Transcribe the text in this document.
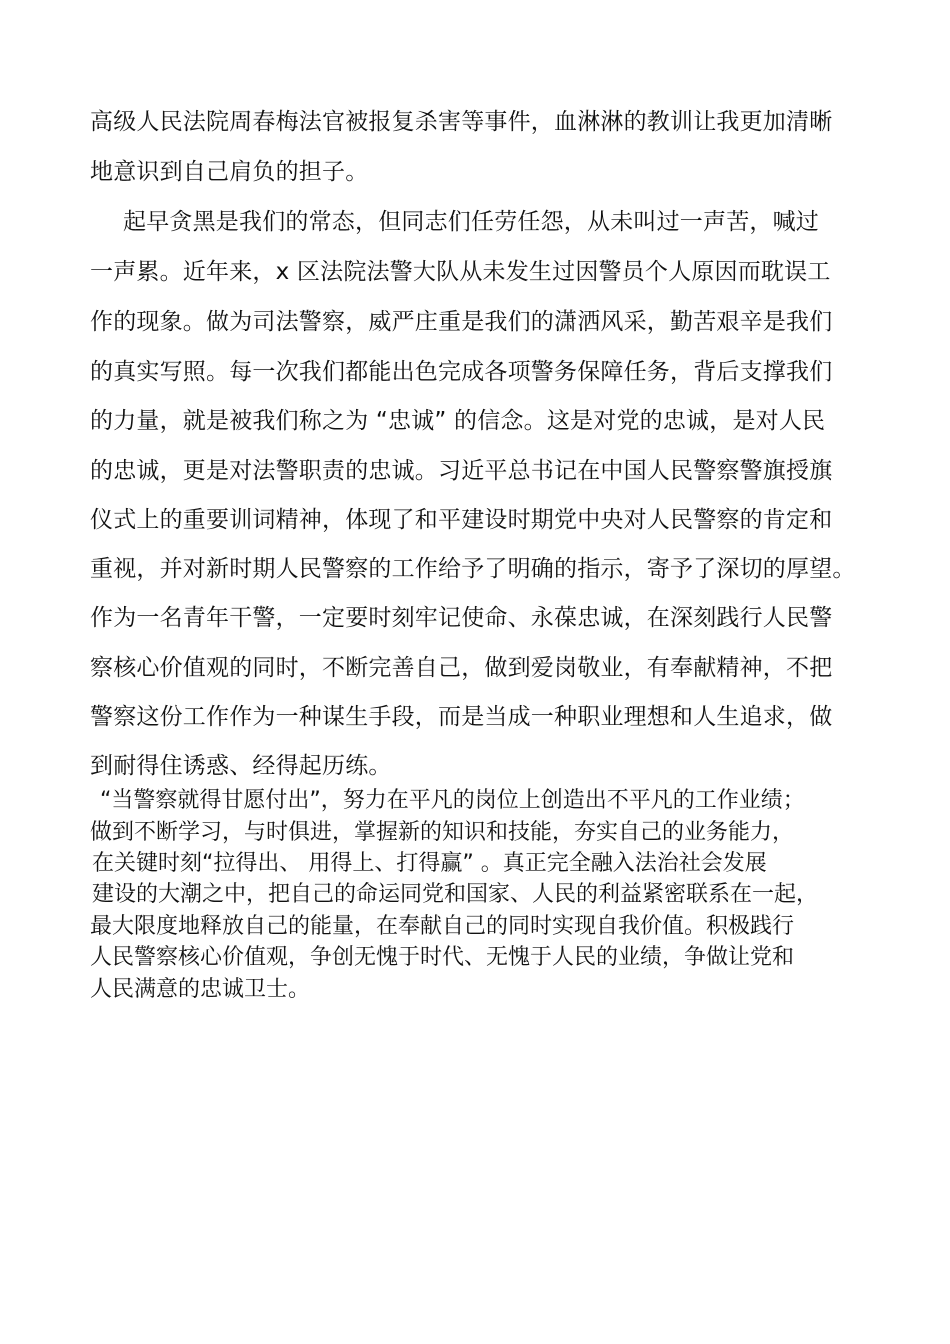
高级人民法院周春梅法官被报复杀害等事件，血淋淋的教训让我更加清晰
地意识到自己肩负的担子。
起早贪黑是我们的常态，但同志们任劳任怨，从未叫过一声苦，喊过
一声累。近年来，x 区法院法警大队从未发生过因警员个人原因而耽误工
作的现象。做为司法警察，威严庄重是我们的潇洒风采，勤苦艰辛是我们
的真实写照。每一次我们都能出色完成各项警务保障任务，背后支撑我们
的力量，就是被我们称之为 “忠诚” 的信念。这是对党的忠诚，是对人民
的忠诚，更是对法警职责的忠诚。习近平总书记在中国人民警察警旗授旗
仪式上的重要训词精神，体现了和平建设时期党中央对人民警察的肯定和
重视，并对新时期人民警察的工作给予了明确的指示，寄予了深切的厚望。
作为一名青年干警，一定要时刻牢记使命、永葆忠诚，在深刻践行人民警
察核心价值观的同时，不断完善自己，做到爱岗敬业，有奉献精神，不把
警察这份工作作为一种谋生手段，而是当成一种职业理想和人生追求，做
到耐得住诱惑、经得起历练。
“当警察就得甘愿付出”，努力在平凡的岗位上创造出不平凡的工作业绩；
做到不断学习，与时俱进，掌握新的知识和技能，夯实自己的业务能力，
在关键时刻“拉得出、 用得上、打得赢” 。真正完全融入法治社会发展
建设的大潮之中，把自己的命运同党和国家、人民的利益紧密联系在一起，
最大限度地释放自己的能量，在奉献自己的同时实现自我价值。积极践行
人民警察核心价值观，争创无愧于时代、无愧于人民的业绩，争做让党和
人民满意的忠诚卫士。
